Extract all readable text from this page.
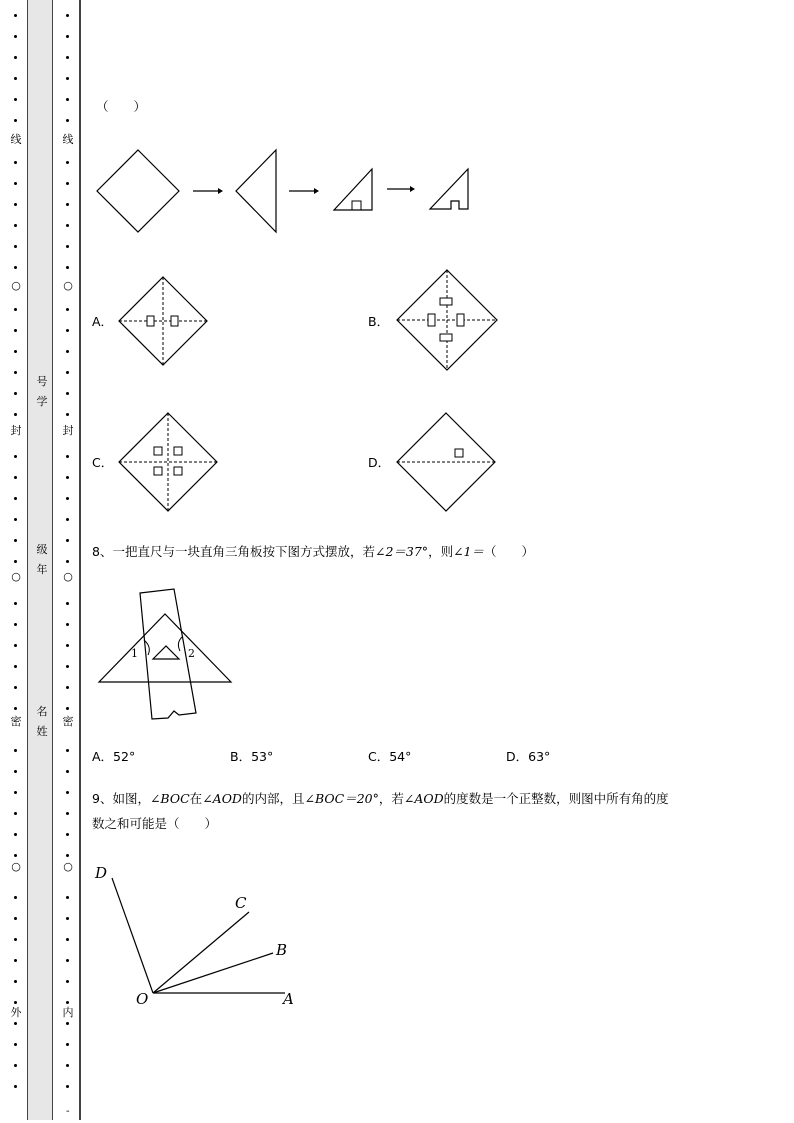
线
○
封
○
密
○
外
线
○
封
○
密
○
内
号学
级年
名姓
-
（　　）
A．	B．
C．	D．
8、一把直尺与一块直角三角板按下图方式摆放，若∠2＝37°，则∠1＝（　　）
1	2
A．52°	B．53°	C．54°	D．63°
9、如图，∠BOC在∠AOD的内部，且∠BOC＝20°，若∠AOD的度数是一个正整数，则图中所有角的度
数之和可能是（　　）
D
C
B
O	A
